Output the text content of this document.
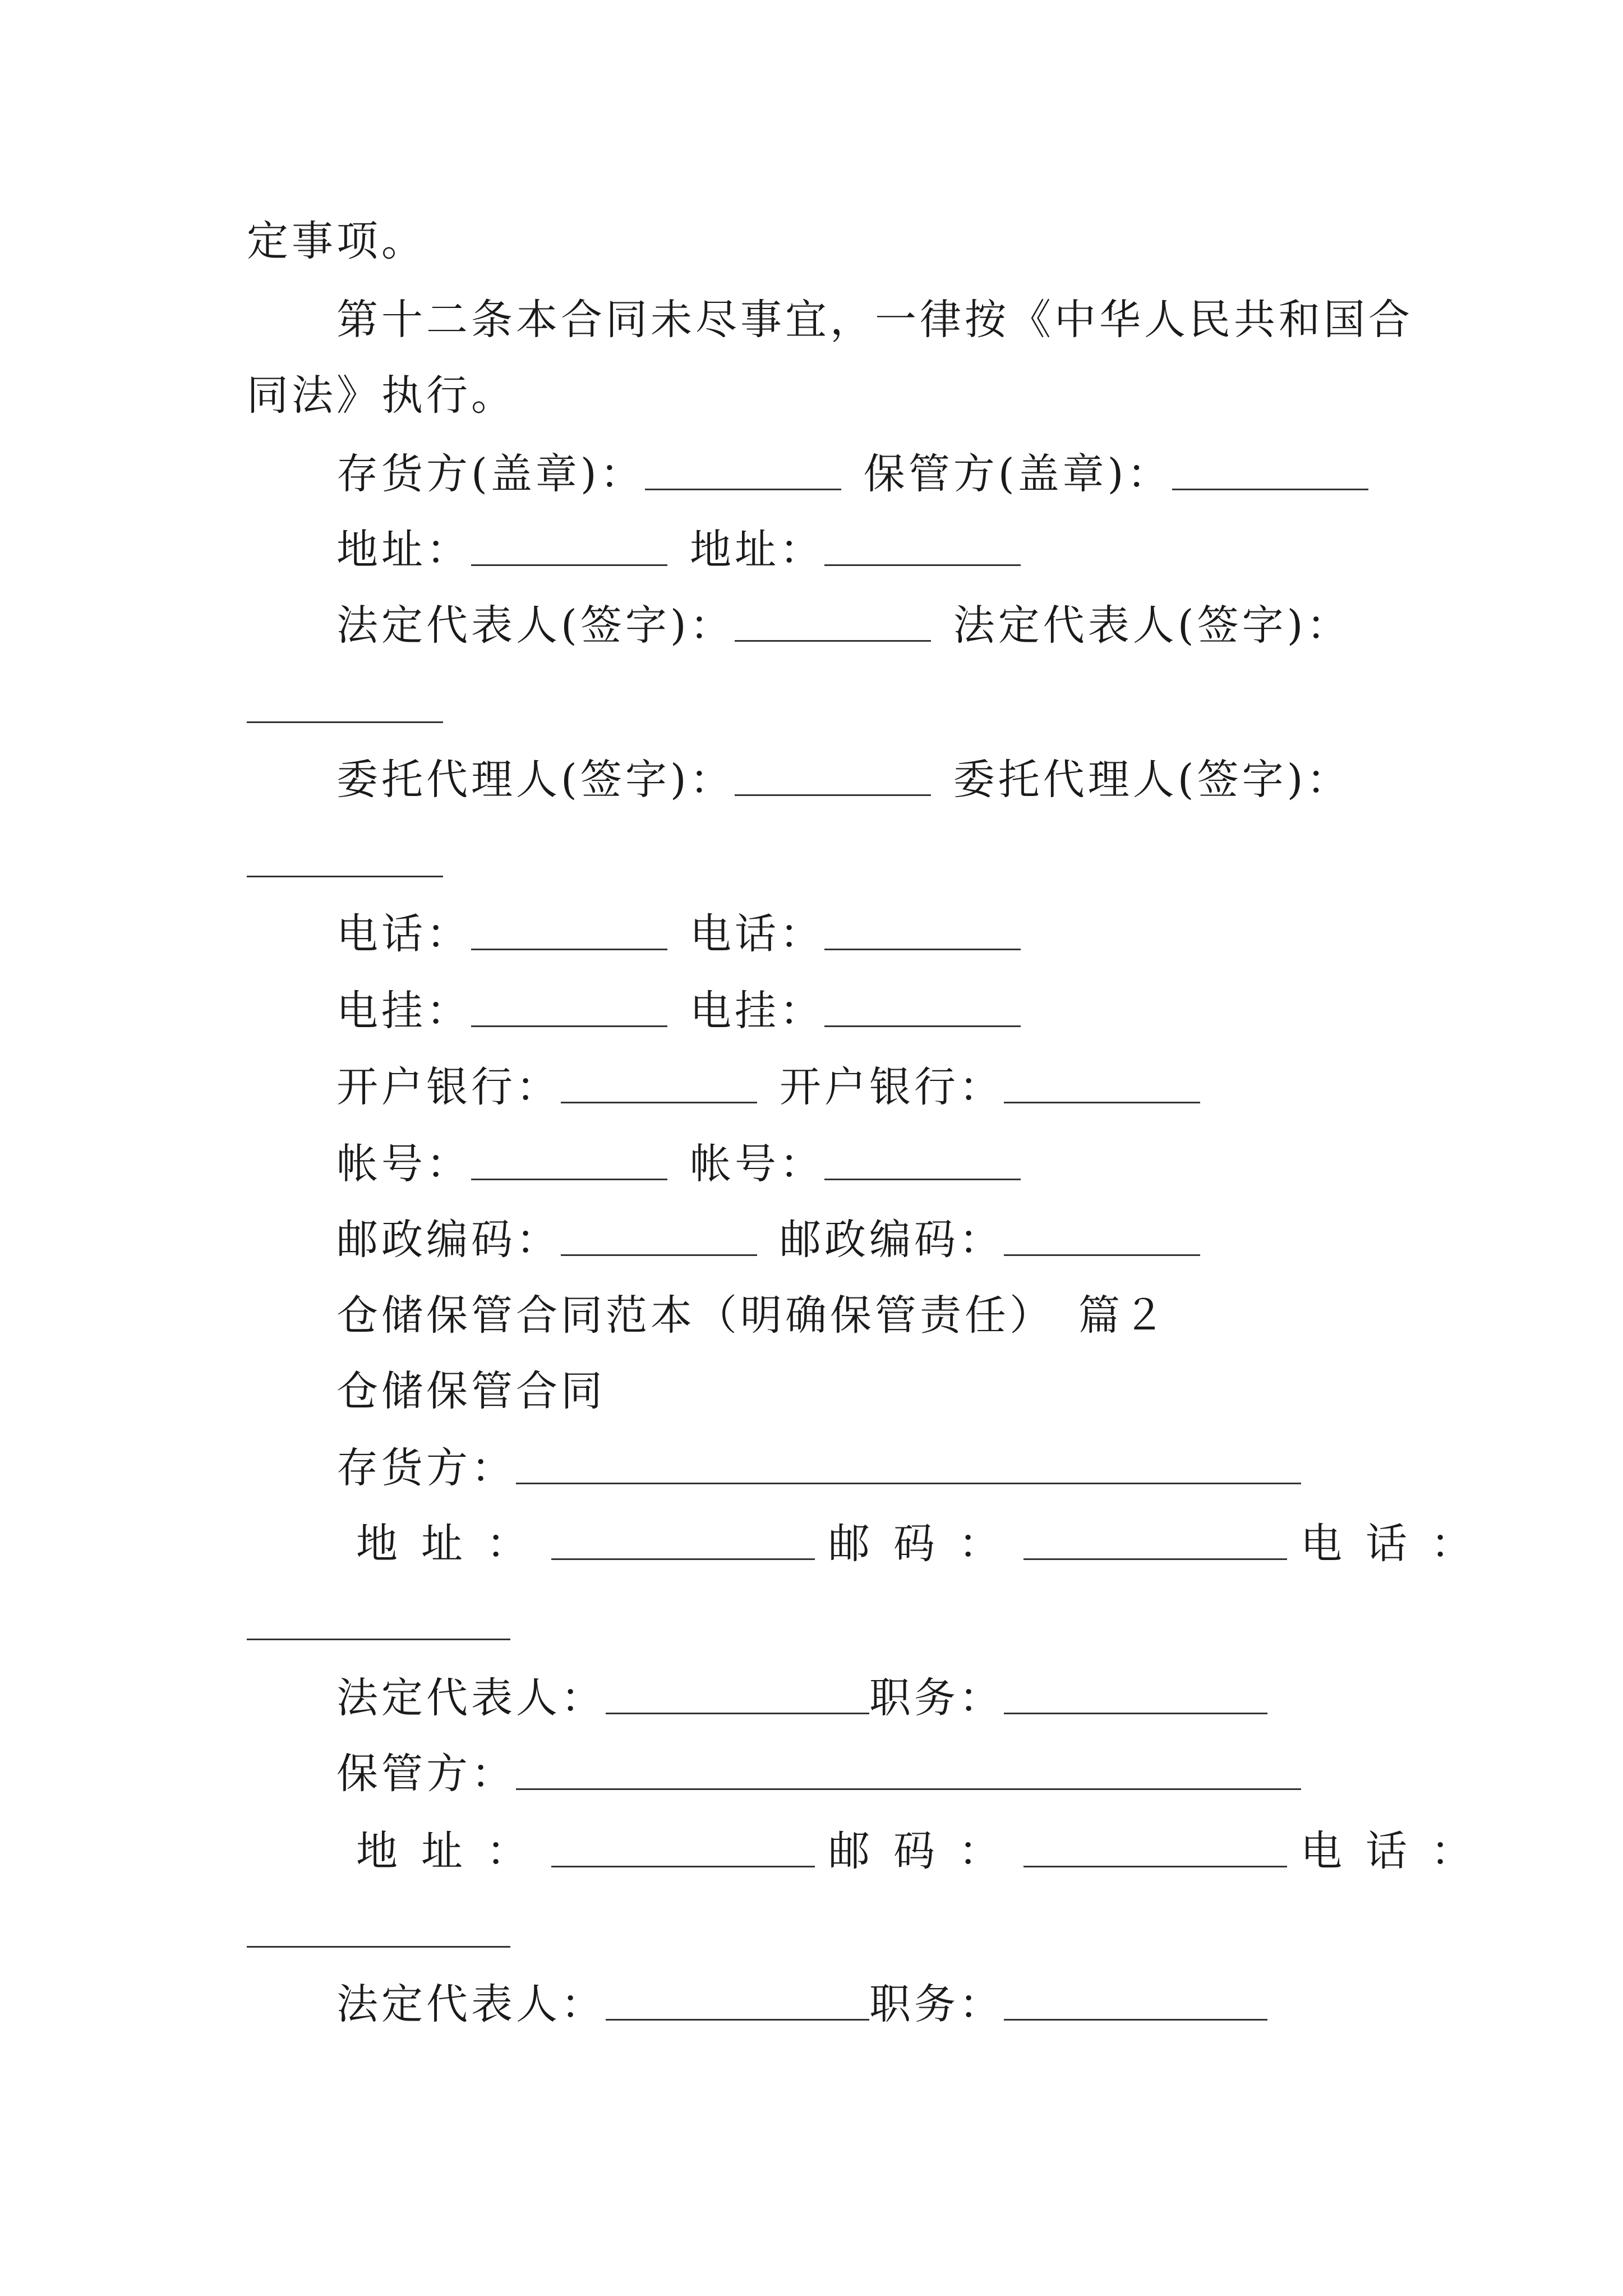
定事项。
第十二条本合同未尽事宜，一律按《中华人民共和国合
同法》执行。
存货方(盖章)：	保管方(盖章)：
地址：	地址：
法定代表人(签字)：	法定代表人(签字)：
委托代理人(签字)：	委托代理人(签字)：
电话：	电话：
电挂：	电挂：
开户银行：	开户银行：
帐号：	帐号：
邮政编码：	邮政编码：
仓储保管合同范本（明确保管责任）　篇２
仓储保管合同
存货方：
地址：	邮码：	电话：
法定代表人：	职务：
保管方：
地址：	邮码：	电话：
法定代表人：	职务：
